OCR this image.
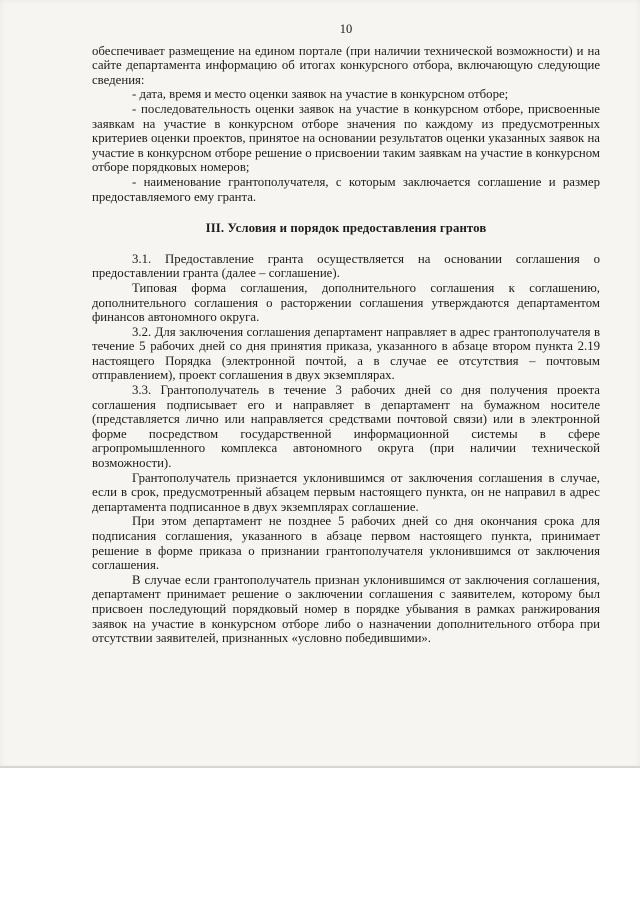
10

обеспечивает размещение на едином портале (при наличии технической возможности) и на сайте департамента информацию об итогах конкурсного отбора, включающую следующие сведения:

- дата, время и место оценки заявок на участие в конкурсном отборе;

- последовательность оценки заявок на участие в конкурсном отборе, присвоенные заявкам на участие в конкурсном отборе значения по каждому из предусмотренных критериев оценки проектов, принятое на основании результатов оценки указанных заявок на участие в конкурсном отборе решение о присвоении таким заявкам на участие в конкурсном отборе порядковых номеров;

- наименование грантополучателя, с которым заключается соглашение и размер предоставляемого ему гранта.

III. Условия и порядок предоставления грантов

3.1. Предоставление гранта осуществляется на основании соглашения о предоставлении гранта (далее – соглашение).

Типовая форма соглашения, дополнительного соглашения к соглашению, дополнительного соглашения о расторжении соглашения утверждаются департаментом финансов автономного округа.

3.2. Для заключения соглашения департамент направляет в адрес грантополучателя в течение 5 рабочих дней со дня принятия приказа, указанного в абзаце втором пункта 2.19 настоящего Порядка (электронной почтой, а в случае ее отсутствия – почтовым отправлением), проект соглашения в двух экземплярах.

3.3. Грантополучатель в течение 3 рабочих дней со дня получения проекта соглашения подписывает его и направляет в департамент на бумажном носителе (представляется лично или направляется средствами почтовой связи) или в электронной форме посредством государственной информационной системы в сфере агропромышленного комплекса автономного округа (при наличии технической возможности).

Грантополучатель признается уклонившимся от заключения соглашения в случае, если в срок, предусмотренный абзацем первым настоящего пункта, он не направил в адрес департамента подписанное в двух экземплярах соглашение.

При этом департамент не позднее 5 рабочих дней со дня окончания срока для подписания соглашения, указанного в абзаце первом настоящего пункта, принимает решение в форме приказа о признании грантополучателя уклонившимся от заключения соглашения.

В случае если грантополучатель признан уклонившимся от заключения соглашения, департамент принимает решение о заключении соглашения с заявителем, которому был присвоен последующий порядковый номер в порядке убывания в рамках ранжирования заявок на участие в конкурсном отборе либо о назначении дополнительного отбора при отсутствии заявителей, признанных «условно победившими».
